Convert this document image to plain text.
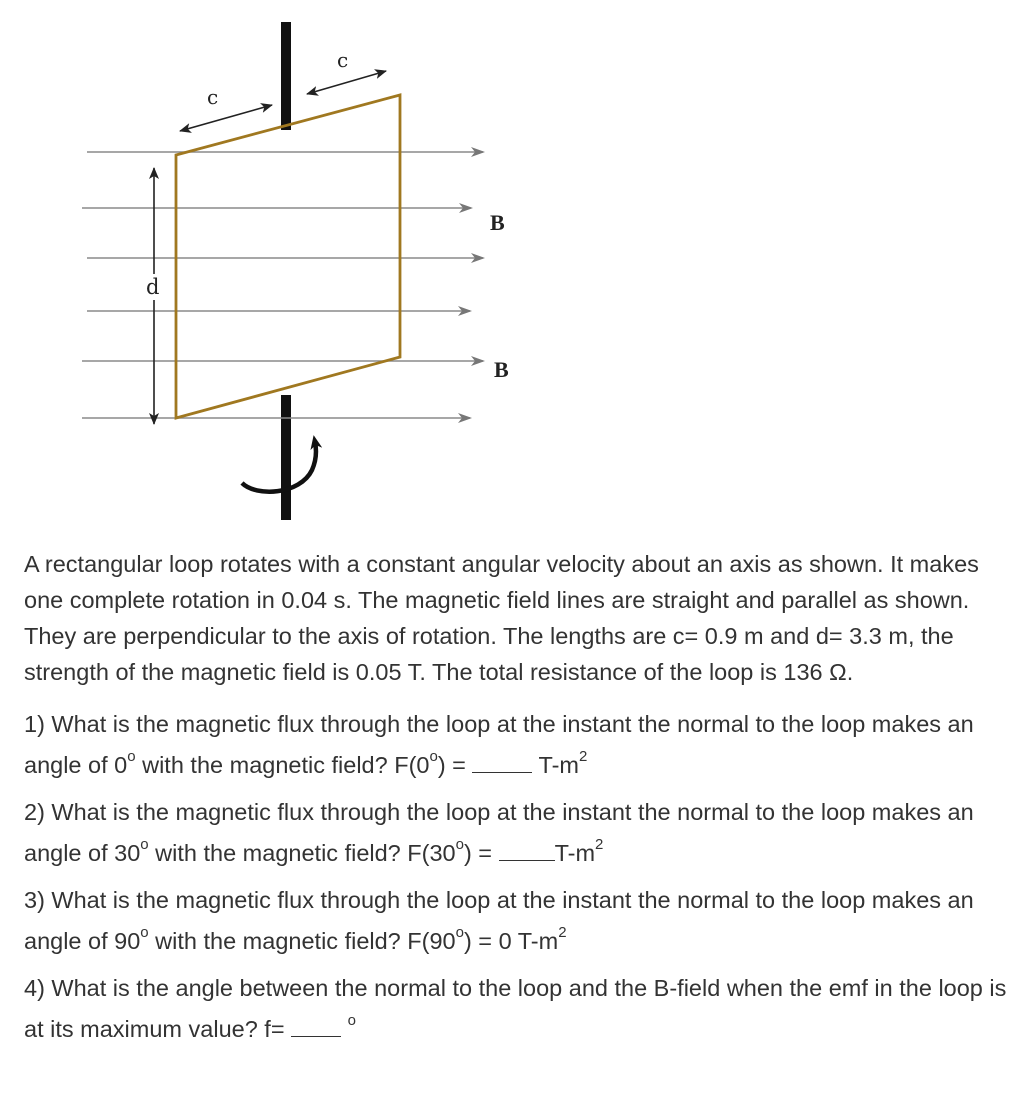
c
c
d
B
B

A rectangular loop rotates with a constant angular velocity about an axis as shown. It makes one complete rotation in 0.04 s. The magnetic field lines are straight and parallel as shown. They are perpendicular to the axis of rotation. The lengths are c= 0.9 m and d= 3.3 m, the strength of the magnetic field is 0.05 T. The total resistance of the loop is 136 Ω.

1) What is the magnetic flux through the loop at the instant the normal to the loop makes an angle of 0$^o$ with the magnetic field? $F(0^o)$ =	$T-m^2$

2) What is the magnetic flux through the loop at the instant the normal to the loop makes an angle of 30$^o$ with the magnetic field? $F(30^o) = T-m^2$

3) What is the magnetic flux through the loop at the instant the normal to the loop makes an angle of 90$^o$ with the magnetic field? $F(90^o) = 0$ $T-m^2$

4) What is the angle between the normal to the loop and the B-field when the emf in the loop is at its maximum value? f=	$^o$
